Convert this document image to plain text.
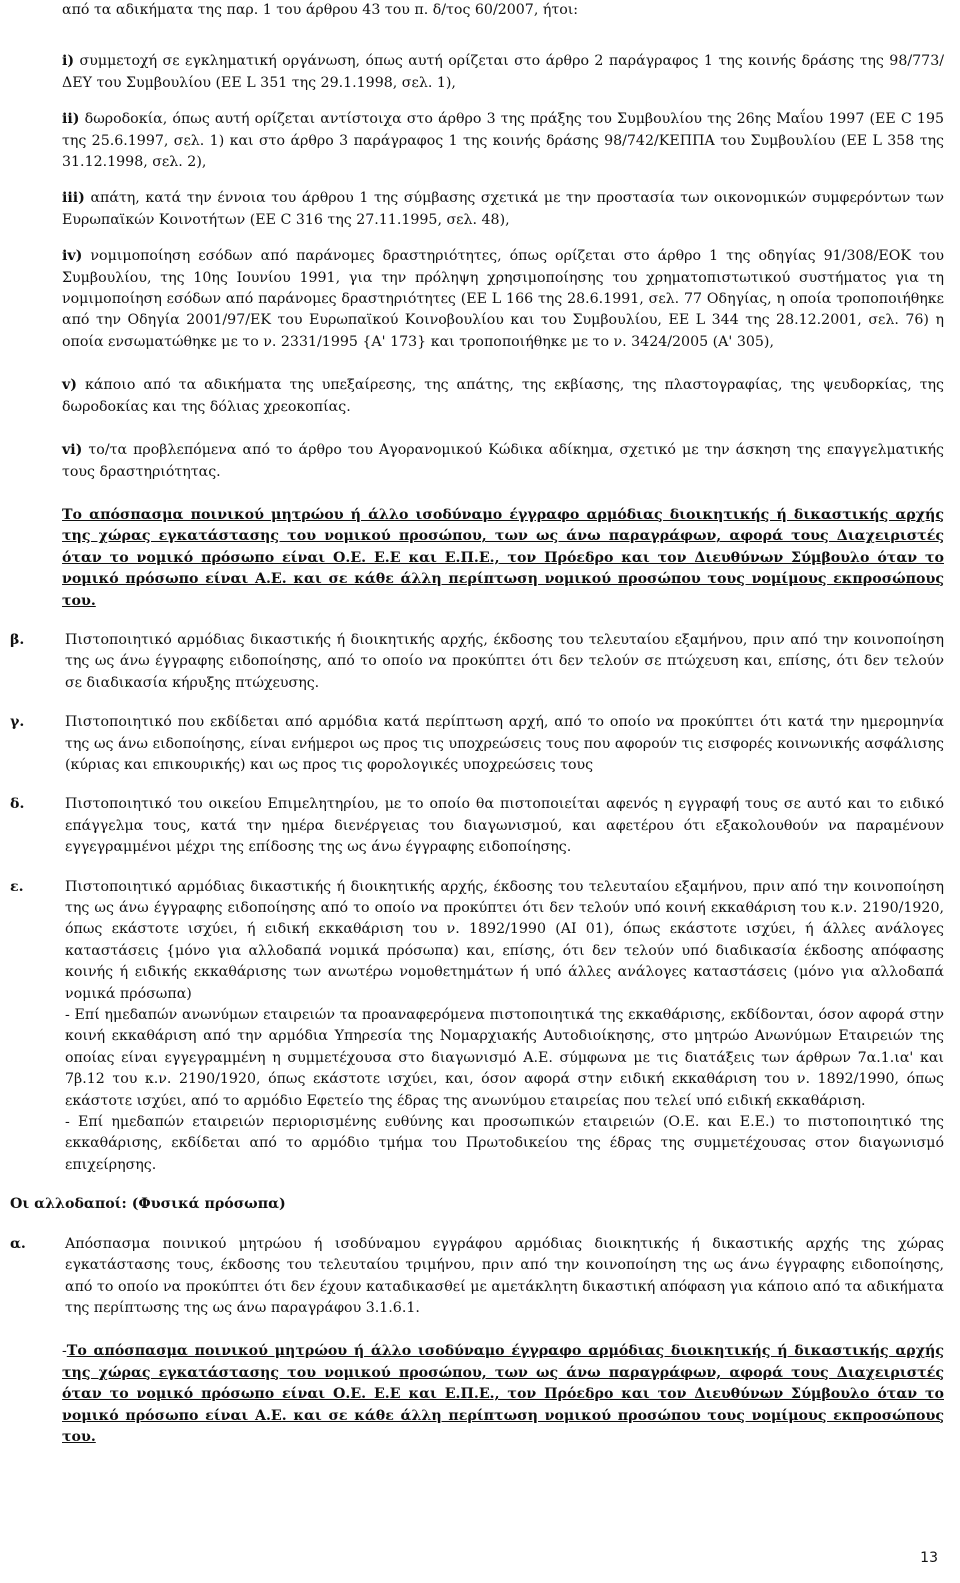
από τα αδικήματα της παρ. 1 του άρθρου 43 του π. δ/τος 60/2007, ήτοι:

i) συμμετοχή σε εγκληματική οργάνωση, όπως αυτή ορίζεται στο άρθρο 2 παράγραφος 1 της κοινής δράσης της 98/773/ΔΕΥ του Συμβουλίου (ΕΕ L 351 της 29.1.1998, σελ. 1),

ii) δωροδοκία, όπως αυτή ορίζεται αντίστοιχα στο άρθρο 3 της πράξης του Συμβουλίου της 26ης Μαΐου 1997 (ΕΕ C 195 της 25.6.1997, σελ. 1) και στο άρθρο 3 παράγραφος 1 της κοινής δράσης 98/742/ΚΕΠΠΑ του Συμβουλίου (ΕΕ L 358 της 31.12.1998, σελ. 2),

iii) απάτη, κατά την έννοια του άρθρου 1 της σύμβασης σχετικά με την προστασία των οικονομικών συμφερόντων των Ευρωπαϊκών Κοινοτήτων (ΕΕ C 316 της 27.11.1995, σελ. 48),

iv) νομιμοποίηση εσόδων από παράνομες δραστηριότητες, όπως ορίζεται στο άρθρο 1 της οδηγίας 91/308/ΕΟΚ του Συμβουλίου, της 10ης Ιουνίου 1991, για την πρόληψη χρησιμοποίησης του χρηματοπιστωτικού συστήματος για τη νομιμοποίηση εσόδων από παράνομες δραστηριότητες (ΕΕ L 166 της 28.6.1991, σελ. 77 Οδηγίας, η οποία τροποποιήθηκε από την Οδηγία 2001/97/ΕΚ του Ευρωπαϊκού Κοινοβουλίου και του Συμβουλίου, ΕΕ L 344 της 28.12.2001, σελ. 76) η οποία ενσωματώθηκε με το ν. 2331/1995 {Α' 173} και τροποποιήθηκε με το ν. 3424/2005 (Α' 305),

v) κάποιο από τα αδικήματα της υπεξαίρεσης, της απάτης, της εκβίασης, της πλαστογραφίας, της ψευδορκίας, της δωροδοκίας και της δόλιας χρεοκοπίας.

vi) το/τα προβλεπόμενα από το άρθρο του Αγορανομικού Κώδικα αδίκημα, σχετικό με την άσκηση της επαγγελματικής τους δραστηριότητας.

Το απόσπασμα ποινικού μητρώου ή άλλο ισοδύναμο έγγραφο αρμόδιας διοικητικής ή δικαστικής αρχής της χώρας εγκατάστασης του νομικού προσώπου, των ως άνω παραγράφων, αφορά τους Διαχειριστές όταν το νομικό πρόσωπο είναι Ο.Ε. Ε.Ε και Ε.Π.Ε., τον Πρόεδρο και τον Διευθύνων Σύμβουλο όταν το νομικό πρόσωπο είναι Α.Ε. και σε κάθε άλλη περίπτωση νομικού προσώπου τους νομίμους εκπροσώπους του.

β.	Πιστοποιητικό αρμόδιας δικαστικής ή διοικητικής αρχής, έκδοσης του τελευταίου εξαμήνου, πριν από την κοινοποίηση της ως άνω έγγραφης ειδοποίησης, από το οποίο να προκύπτει ότι δεν τελούν σε πτώχευση και, επίσης, ότι δεν τελούν σε διαδικασία κήρυξης πτώχευσης.

γ.	Πιστοποιητικό που εκδίδεται από αρμόδια κατά περίπτωση αρχή, από το οποίο να προκύπτει ότι κατά την ημερομηνία της ως άνω ειδοποίησης, είναι ενήμεροι ως προς τις υποχρεώσεις τους που αφορούν τις εισφορές κοινωνικής ασφάλισης (κύριας και επικουρικής) και ως προς τις φορολογικές υποχρεώσεις τους

δ.	Πιστοποιητικό του οικείου Επιμελητηρίου, με το οποίο θα πιστοποιείται αφενός η εγγραφή τους σε αυτό και το ειδικό επάγγελμα τους, κατά την ημέρα διενέργειας του διαγωνισμού, και αφετέρου ότι εξακολουθούν να παραμένουν εγγεγραμμένοι μέχρι της επίδοσης της ως άνω έγγραφης ειδοποίησης.

ε.	Πιστοποιητικό αρμόδιας δικαστικής ή διοικητικής αρχής, έκδοσης του τελευταίου εξαμήνου, πριν από την κοινοποίηση της ως άνω έγγραφης ειδοποίησης από το οποίο να προκύπτει ότι δεν τελούν υπό κοινή εκκαθάριση του κ.ν. 2190/1920, όπως εκάστοτε ισχύει, ή ειδική εκκαθάριση του ν. 1892/1990 (ΑΙ 01), όπως εκάστοτε ισχύει, ή άλλες ανάλογες καταστάσεις {μόνο για αλλοδαπά νομικά πρόσωπα) και, επίσης, ότι δεν τελούν υπό διαδικασία έκδοσης απόφασης κοινής ή ειδικής εκκαθάρισης των ανωτέρω νομοθετημάτων ή υπό άλλες ανάλογες καταστάσεις (μόνο για αλλοδαπά νομικά πρόσωπα)

- Επί ημεδαπών ανωνύμων εταιρειών τα προαναφερόμενα πιστοποιητικά της εκκαθάρισης, εκδίδονται, όσον αφορά στην κοινή εκκαθάριση από την αρμόδια Υπηρεσία της Νομαρχιακής Αυτοδιοίκησης, στο μητρώο Ανωνύμων Εταιρειών της οποίας είναι εγγεγραμμένη η συμμετέχουσα στο διαγωνισμό Α.Ε. σύμφωνα με τις διατάξεις των άρθρων 7α.1.ια' και 7β.12 του κ.ν. 2190/1920, όπως εκάστοτε ισχύει, και, όσον αφορά στην ειδική εκκαθάριση του ν. 1892/1990, όπως εκάστοτε ισχύει, από το αρμόδιο Εφετείο της έδρας της ανωνύμου εταιρείας που τελεί υπό ειδική εκκαθάριση.

- Επί ημεδαπών εταιρειών περιορισμένης ευθύνης και προσωπικών εταιρειών (Ο.Ε. και Ε.Ε.) το πιστοποιητικό της εκκαθάρισης, εκδίδεται από το αρμόδιο τμήμα του Πρωτοδικείου της έδρας της συμμετέχουσας στον διαγωνισμό επιχείρησης.

Οι αλλοδαποί: (Φυσικά πρόσωπα)

α.	Απόσπασμα ποινικού μητρώου ή ισοδύναμου εγγράφου αρμόδιας διοικητικής ή δικαστικής αρχής της χώρας εγκατάστασης τους, έκδοσης του τελευταίου τριμήνου, πριν από την κοινοποίηση της ως άνω έγγραφης ειδοποίησης, από το οποίο να προκύπτει ότι δεν έχουν καταδικασθεί με αμετάκλητη δικαστική απόφαση για κάποιο από τα αδικήματα της περίπτωσης της ως άνω παραγράφου 3.1.6.1.

-Το απόσπασμα ποινικού μητρώου ή άλλο ισοδύναμο έγγραφο αρμόδιας διοικητικής ή δικαστικής αρχής της χώρας εγκατάστασης του νομικού προσώπου, των ως άνω παραγράφων, αφορά τους Διαχειριστές όταν το νομικό πρόσωπο είναι Ο.Ε. Ε.Ε και Ε.Π.Ε., τον Πρόεδρο και τον Διευθύνων Σύμβουλο όταν το νομικό πρόσωπο είναι Α.Ε. και σε κάθε άλλη περίπτωση νομικού προσώπου τους νομίμους εκπροσώπους του.

13
